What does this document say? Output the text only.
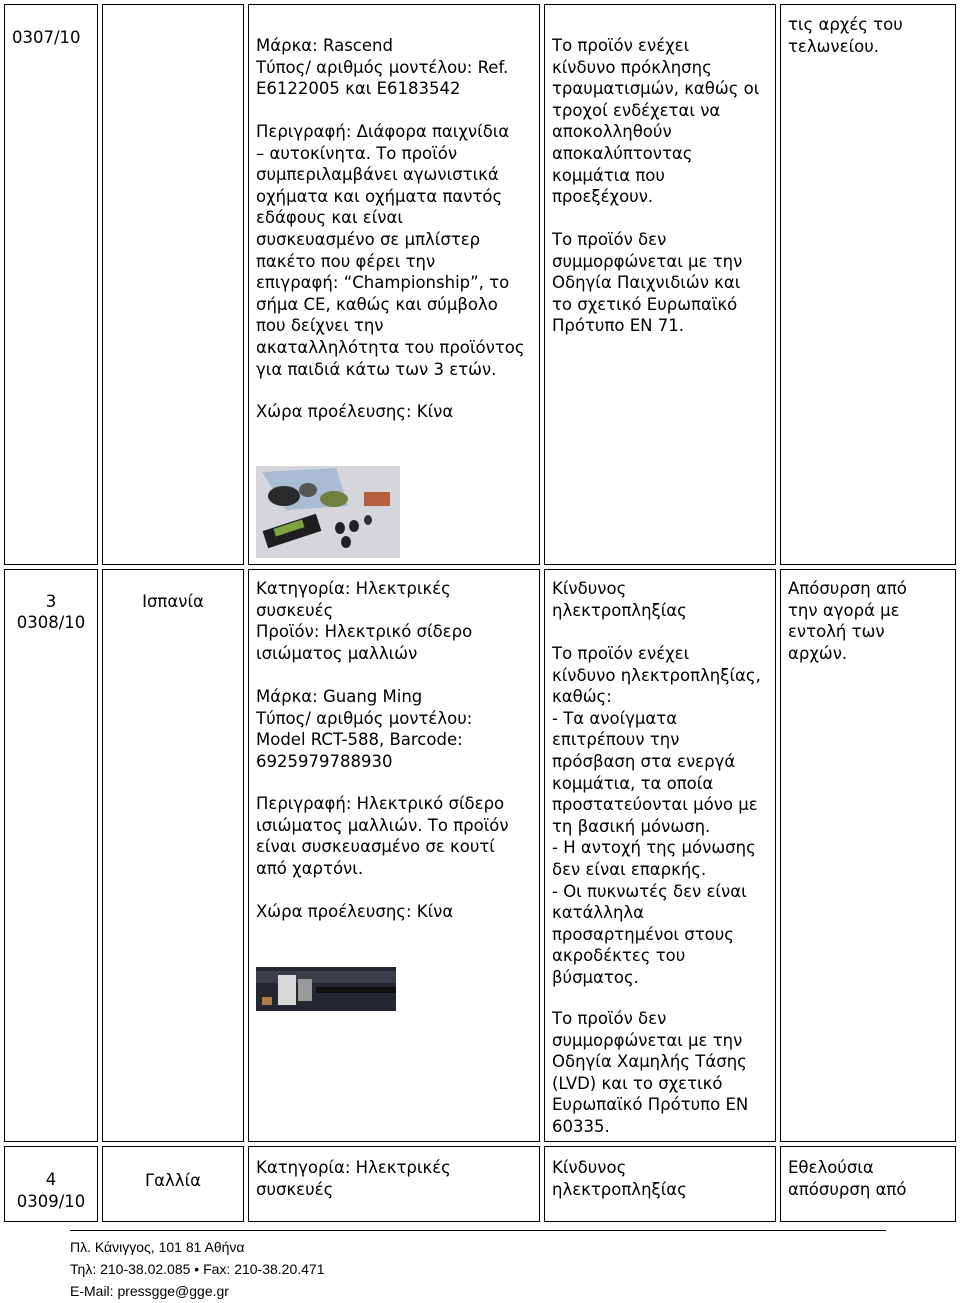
0307/10	Μάρκα: Rascend
Τύπος/ αριθμός μοντέλου: Ref.
E6122005 και E6183542
Περιγραφή: Διάφορα παιχνίδια
– αυτοκίνητα. Το προϊόν
συμπεριλαμβάνει αγωνιστικά
οχήματα και οχήματα παντός
εδάφους και είναι
συσκευασμένο σε μπλίστερ
πακέτο που φέρει την
επιγραφή: “Championship”, το
σήμα CE, καθώς και σύμβολο
που δείχνει την
ακαταλληλότητα του προϊόντος
για παιδιά κάτω των 3 ετών.
Χώρα προέλευσης: Κίνα
Το προϊόν ενέχει
κίνδυνο πρόκλησης
τραυματισμών, καθώς οι
τροχοί ενδέχεται να
αποκολληθούν
αποκαλύπτοντας
κομμάτια που
προεξέχουν.
Το προϊόν δεν
συμμορφώνεται με την
Οδηγία Παιχνιδιών και
το σχετικό Ευρωπαϊκό
Πρότυπο EN 71.
τις αρχές του
τελωνείου.
3
0308/10
Ισπανία
Κατηγορία: Ηλεκτρικές
συσκευές
Προϊόν: Ηλεκτρικό σίδερο
ισιώματος μαλλιών
Μάρκα: Guang Ming
Τύπος/ αριθμός μοντέλου:
Model RCT-588, Barcode:
6925979788930
Περιγραφή: Ηλεκτρικό σίδερο
ισιώματος μαλλιών. Το προϊόν
είναι συσκευασμένο σε κουτί
από χαρτόνι.
Χώρα προέλευσης: Κίνα
Κίνδυνος
ηλεκτροπληξίας
Το προϊόν ενέχει
κίνδυνο ηλεκτροπληξίας,
καθώς:
- Τα ανοίγματα
επιτρέπουν την
πρόσβαση στα ενεργά
κομμάτια, τα οποία
προστατεύονται μόνο με
τη βασική μόνωση.
- Η αντοχή της μόνωσης
δεν είναι επαρκής.
- Οι πυκνωτές δεν είναι
κατάλληλα
προσαρτημένοι στους
ακροδέκτες του
βύσματος.
Το προϊόν δεν
συμμορφώνεται με την
Οδηγία Χαμηλής Τάσης
(LVD) και το σχετικό
Ευρωπαϊκό Πρότυπο EN
60335.
Απόσυρση από
την αγορά με
εντολή των
αρχών.
4
0309/10
Γαλλία
Κατηγορία: Ηλεκτρικές
συσκευές
Κίνδυνος
ηλεκτροπληξίας
Εθελούσια
απόσυρση από
Πλ. Κάνιγγος, 101 81 Αθήνα
Τηλ: 210-38.02.085 • Fax: 210-38.20.471
E-Mail: pressgge@gge.gr
